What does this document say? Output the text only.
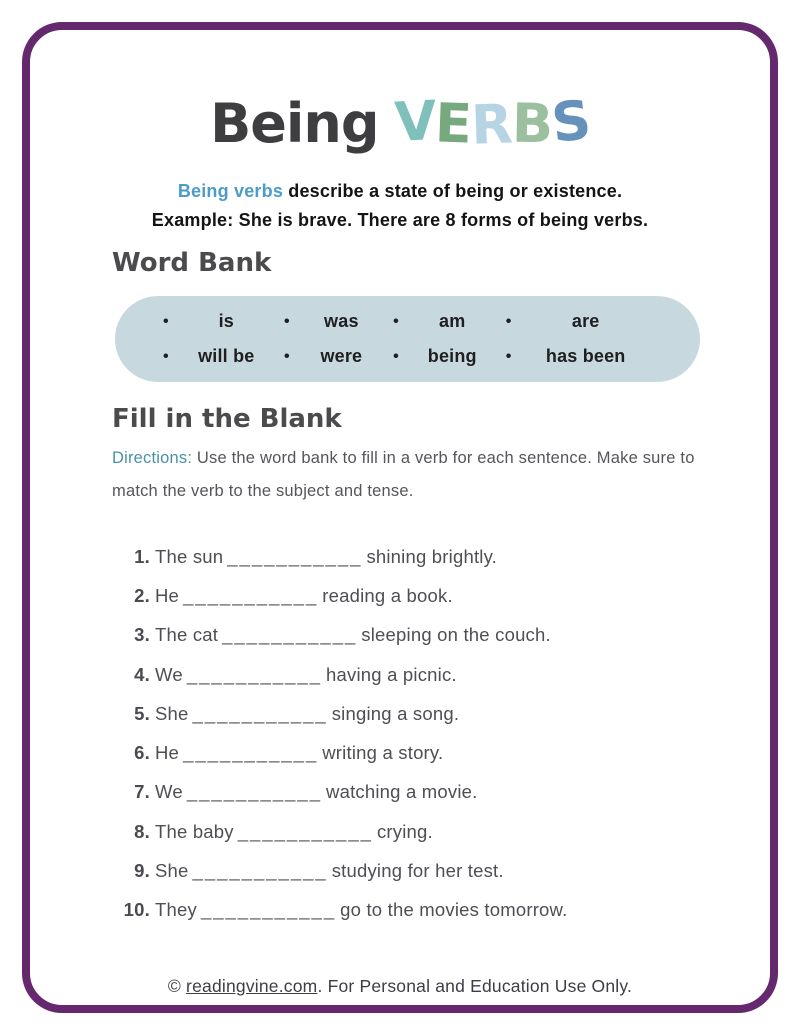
Being VERBS
Being verbs describe a state of being or existence.
Example: She is brave. There are 8 forms of being verbs.
Word Bank
•	is	•	was	•	am	•	are
•	will be	•	were	•	being	•	has been
Fill in the Blank
Directions: Use the word bank to fill in a verb for each sentence. Make sure to match the verb to the subject and tense.
1. The sun ___________ shining brightly.
2. He ___________ reading a book.
3. The cat ___________ sleeping on the couch.
4. We ___________ having a picnic.
5. She ___________ singing a song.
6. He ___________ writing a story.
7. We ___________ watching a movie.
8. The baby ___________ crying.
9. She ___________ studying for her test.
10. They ___________ go to the movies tomorrow.
© readingvine.com. For Personal and Education Use Only.
